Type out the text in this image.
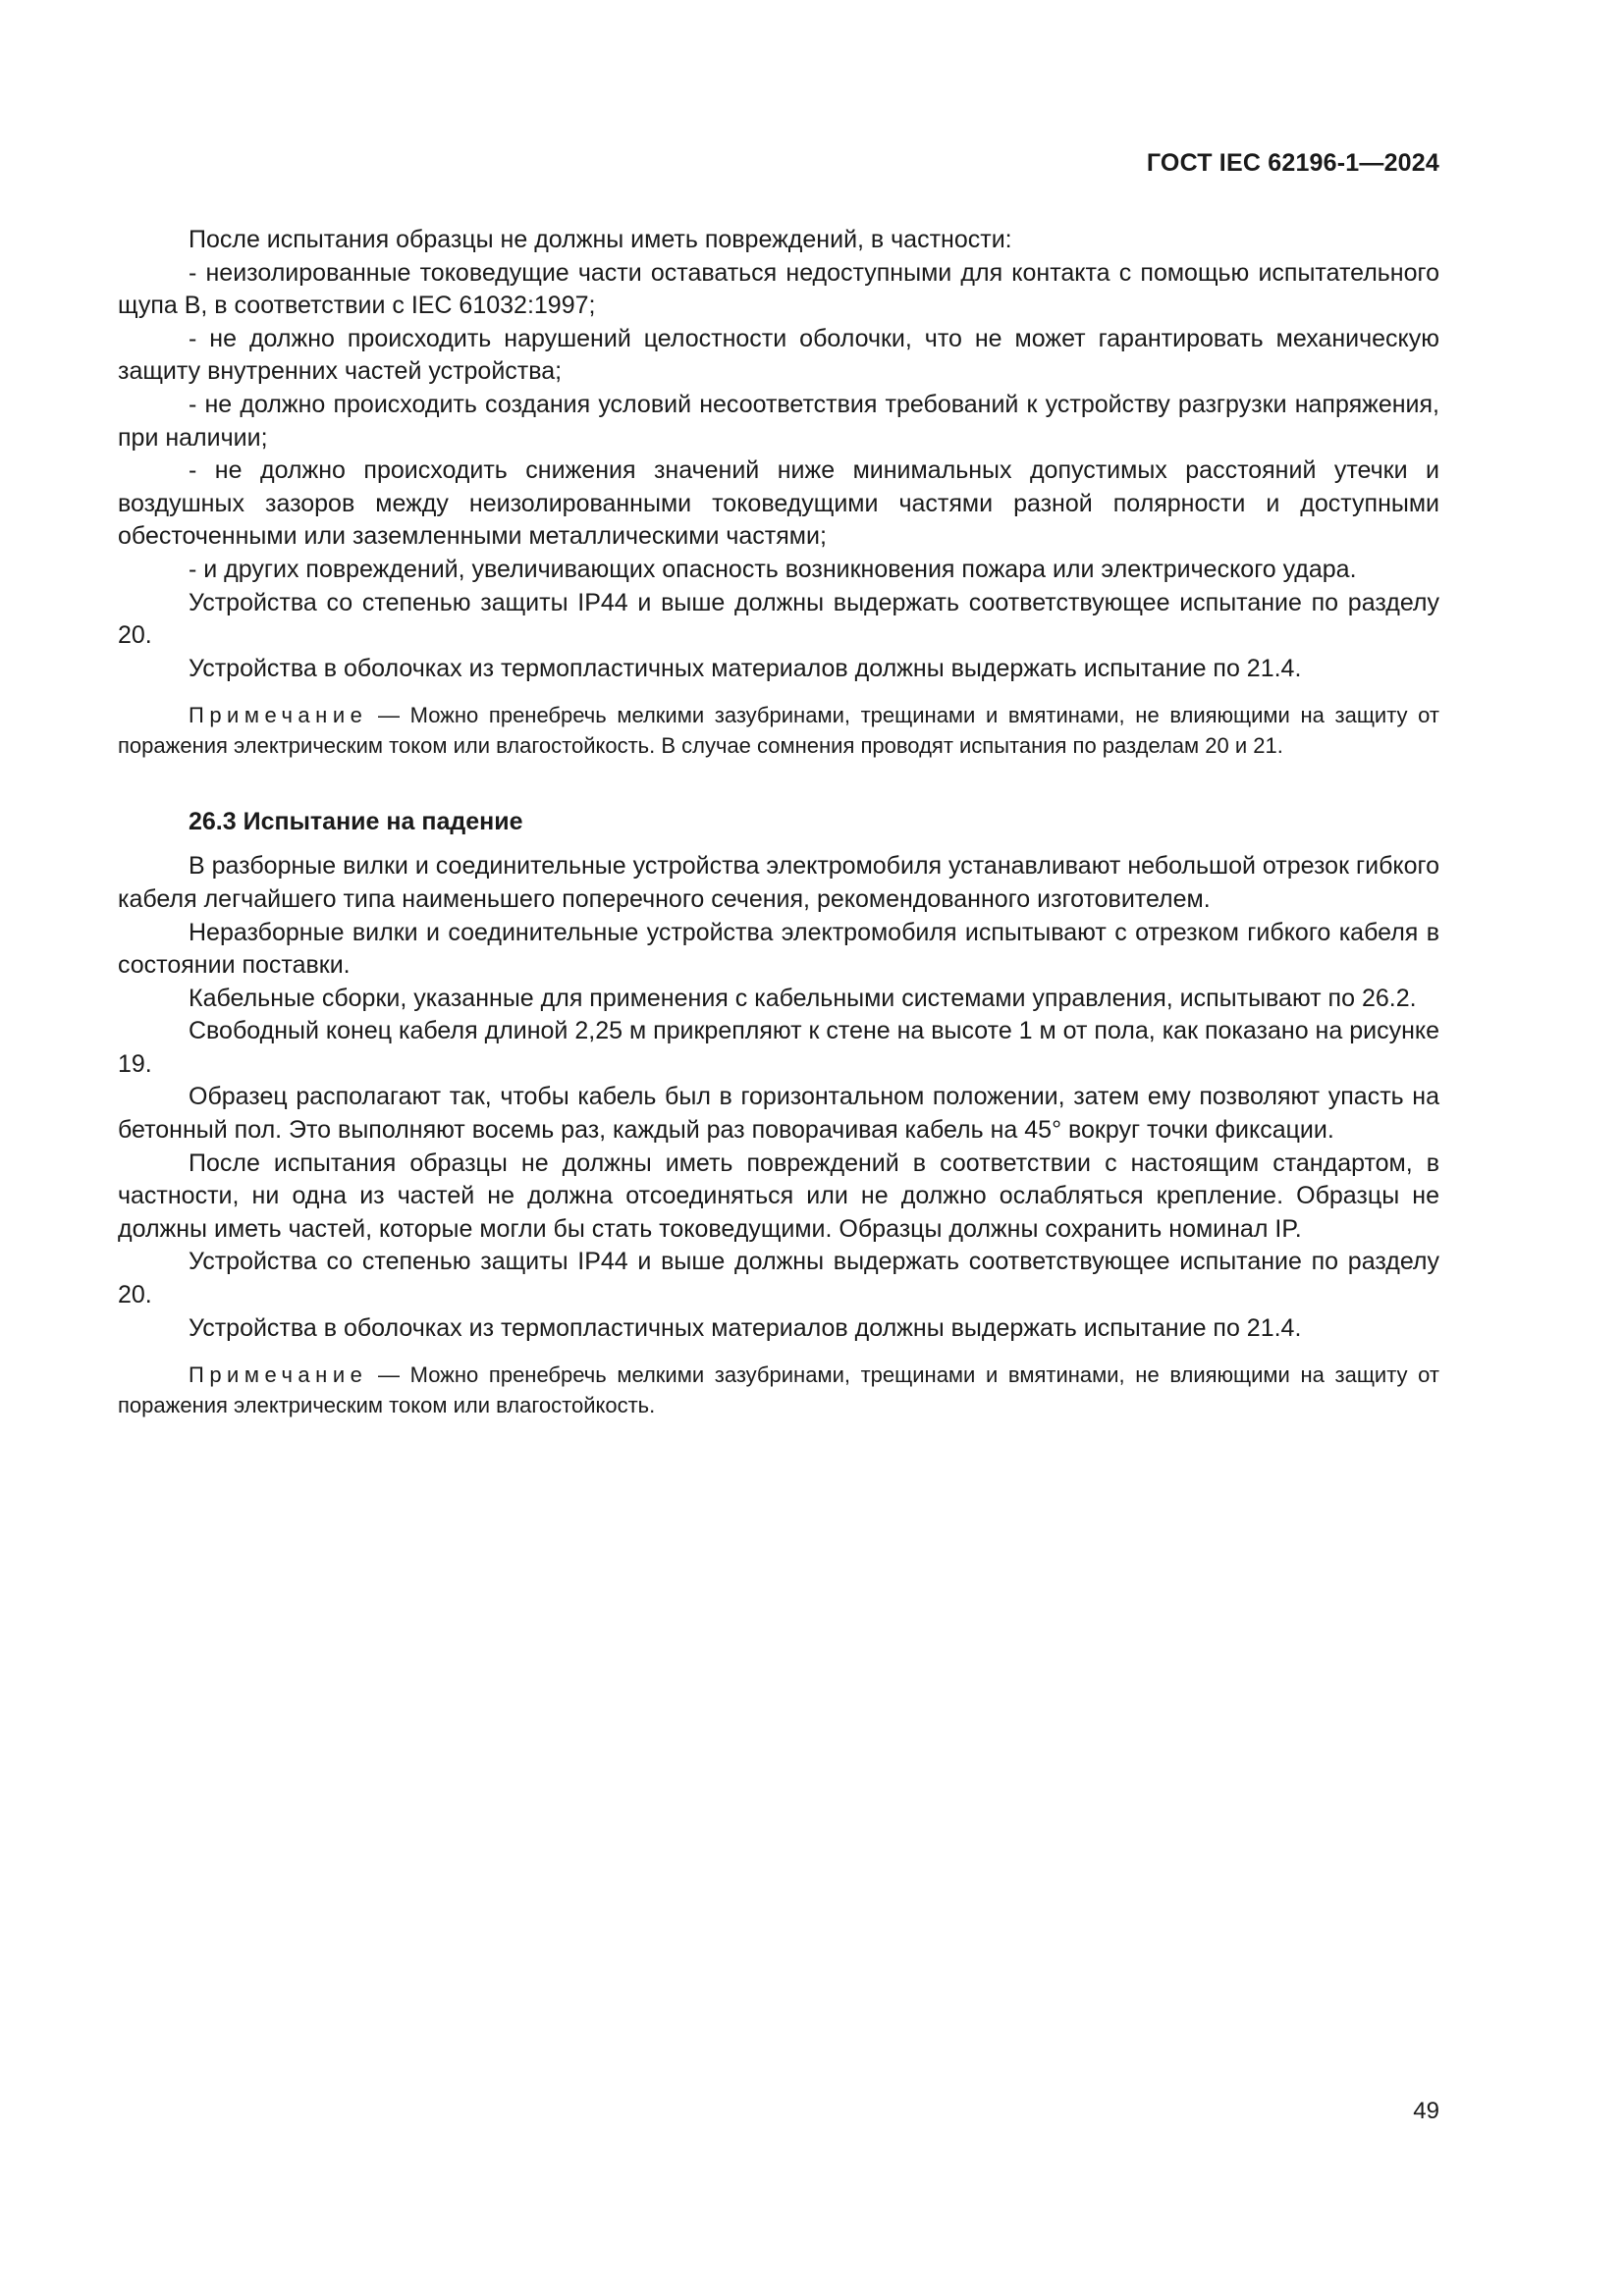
ГОСТ IEC 62196-1—2024

После испытания образцы не должны иметь повреждений, в частности:

- неизолированные токоведущие части оставаться недоступными для контакта с помощью испытательного щупа В, в соответствии с IEC 61032:1997;

- не должно происходить нарушений целостности оболочки, что не может гарантировать механическую защиту внутренних частей устройства;

- не должно происходить создания условий несоответствия требований к устройству разгрузки напряжения, при наличии;

- не должно происходить снижения значений ниже минимальных допустимых расстояний утечки и воздушных зазоров между неизолированными токоведущими частями разной полярности и доступными обесточенными или заземленными металлическими частями;

- и других повреждений, увеличивающих опасность возникновения пожара или электрического удара.

Устройства со степенью защиты IP44 и выше должны выдержать соответствующее испытание по разделу 20.

Устройства в оболочках из термопластичных материалов должны выдержать испытание по 21.4.

Примечание — Можно пренебречь мелкими зазубринами, трещинами и вмятинами, не влияющими на защиту от поражения электрическим током или влагостойкость. В случае сомнения проводят испытания по разделам 20 и 21.

26.3 Испытание на падение

В разборные вилки и соединительные устройства электромобиля устанавливают небольшой отрезок гибкого кабеля легчайшего типа наименьшего поперечного сечения, рекомендованного изготовителем.

Неразборные вилки и соединительные устройства электромобиля испытывают с отрезком гибкого кабеля в состоянии поставки.

Кабельные сборки, указанные для применения с кабельными системами управления, испытывают по 26.2.

Свободный конец кабеля длиной 2,25 м прикрепляют к стене на высоте 1 м от пола, как показано на рисунке 19.

Образец располагают так, чтобы кабель был в горизонтальном положении, затем ему позволяют упасть на бетонный пол. Это выполняют восемь раз, каждый раз поворачивая кабель на 45° вокруг точки фиксации.

После испытания образцы не должны иметь повреждений в соответствии с настоящим стандартом, в частности, ни одна из частей не должна отсоединяться или не должно ослабляться крепление. Образцы не должны иметь частей, которые могли бы стать токоведущими. Образцы должны сохранить номинал IP.

Устройства со степенью защиты IP44 и выше должны выдержать соответствующее испытание по разделу 20.

Устройства в оболочках из термопластичных материалов должны выдержать испытание по 21.4.

Примечание — Можно пренебречь мелкими зазубринами, трещинами и вмятинами, не влияющими на защиту от поражения электрическим током или влагостойкость.

49
